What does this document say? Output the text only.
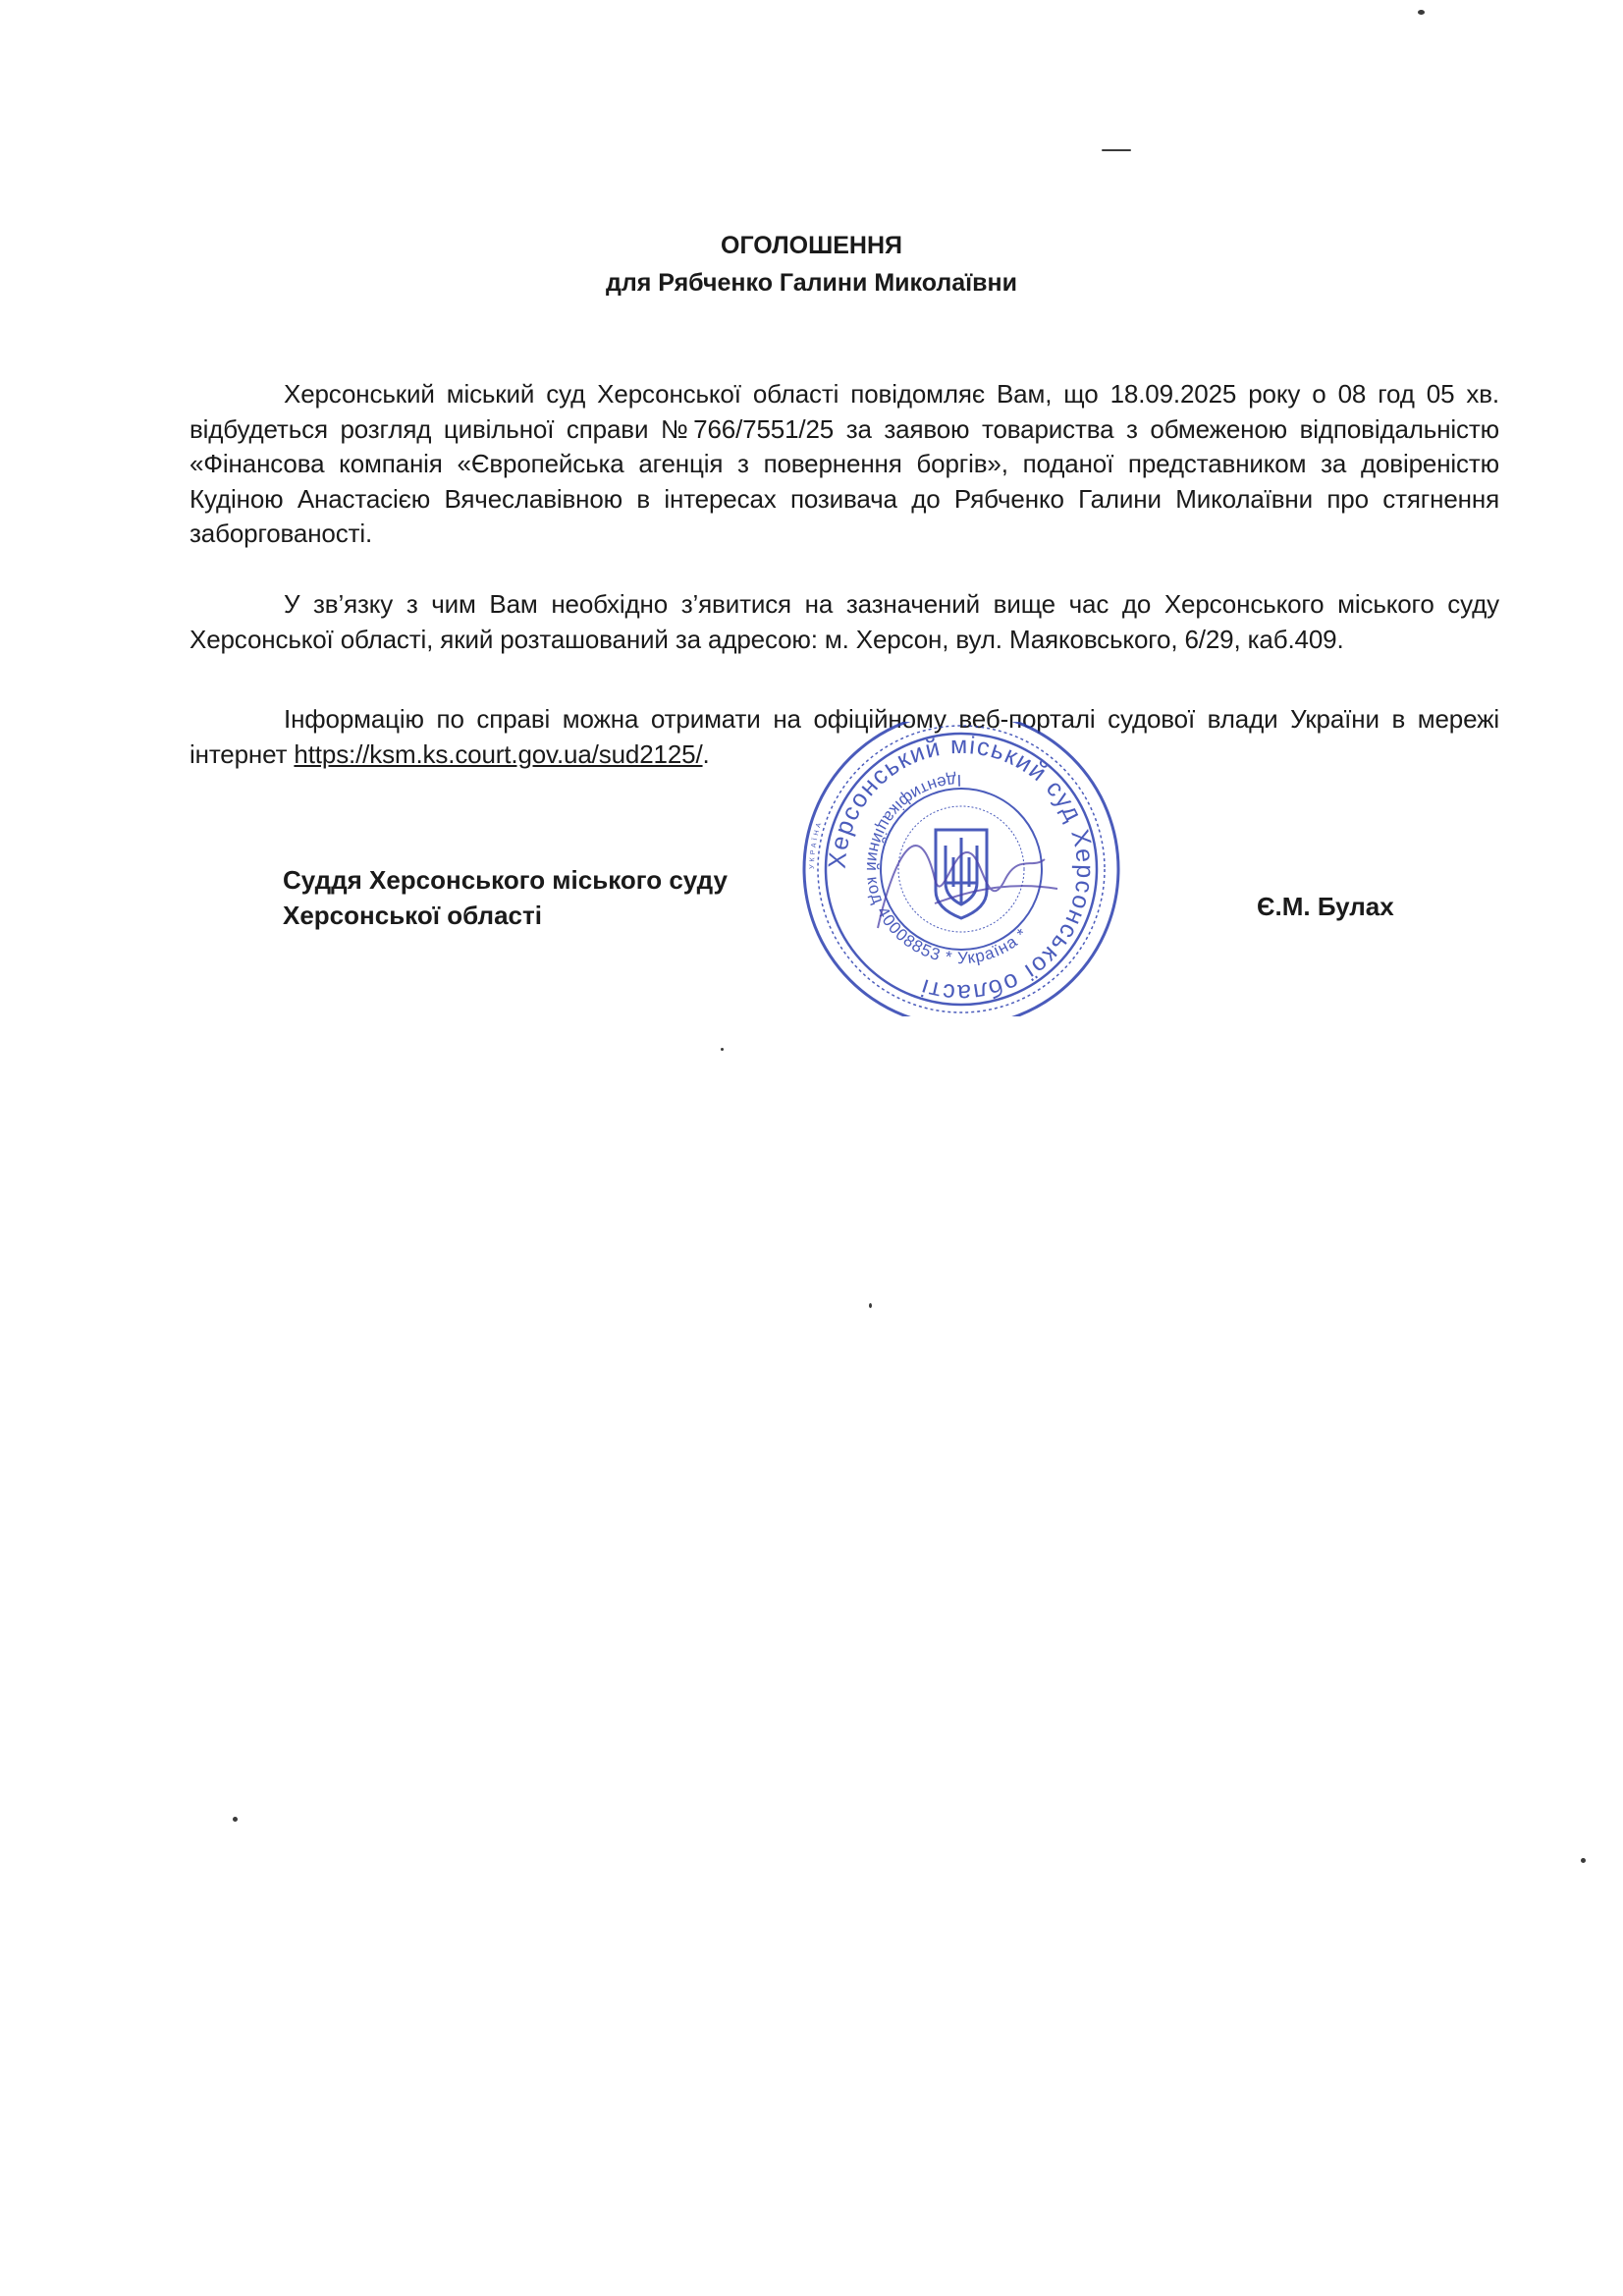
ОГОЛОШЕННЯ
для Рябченко Галини Миколаївни

Херсонський міський суд Херсонської області повідомляє Вам, що 18.09.2025 року о 08 год 05 хв. відбудеться розгляд цивільної справи №766/7551/25 за заявою товариства з обмеженою відповідальністю «Фінансова компанія «Європейська агенція з повернення боргів», поданої представником за довіреністю Кудіною Анастасією Вячеславівною в інтересах позивача до Рябченко Галини Миколаївни про стягнення заборгованості.

У зв’язку з чим Вам необхідно з’явитися на зазначений вище час до Херсонського міського суду Херсонської області, який розташований за адресою: м. Херсон, вул. Маяковського, 6/29, каб.409.

Інформацію по справі можна отримати на офіційному веб-порталі судової влади України в мережі інтернет https://ksm.ks.court.gov.ua/sud2125/.

Суддя Херсонського міського суду
Херсонської області	Є.М. Булах
Херсонський міський суд Херсонської області
Ідентифікаційний код 40008853 * Україна *
УКРАЇНА
